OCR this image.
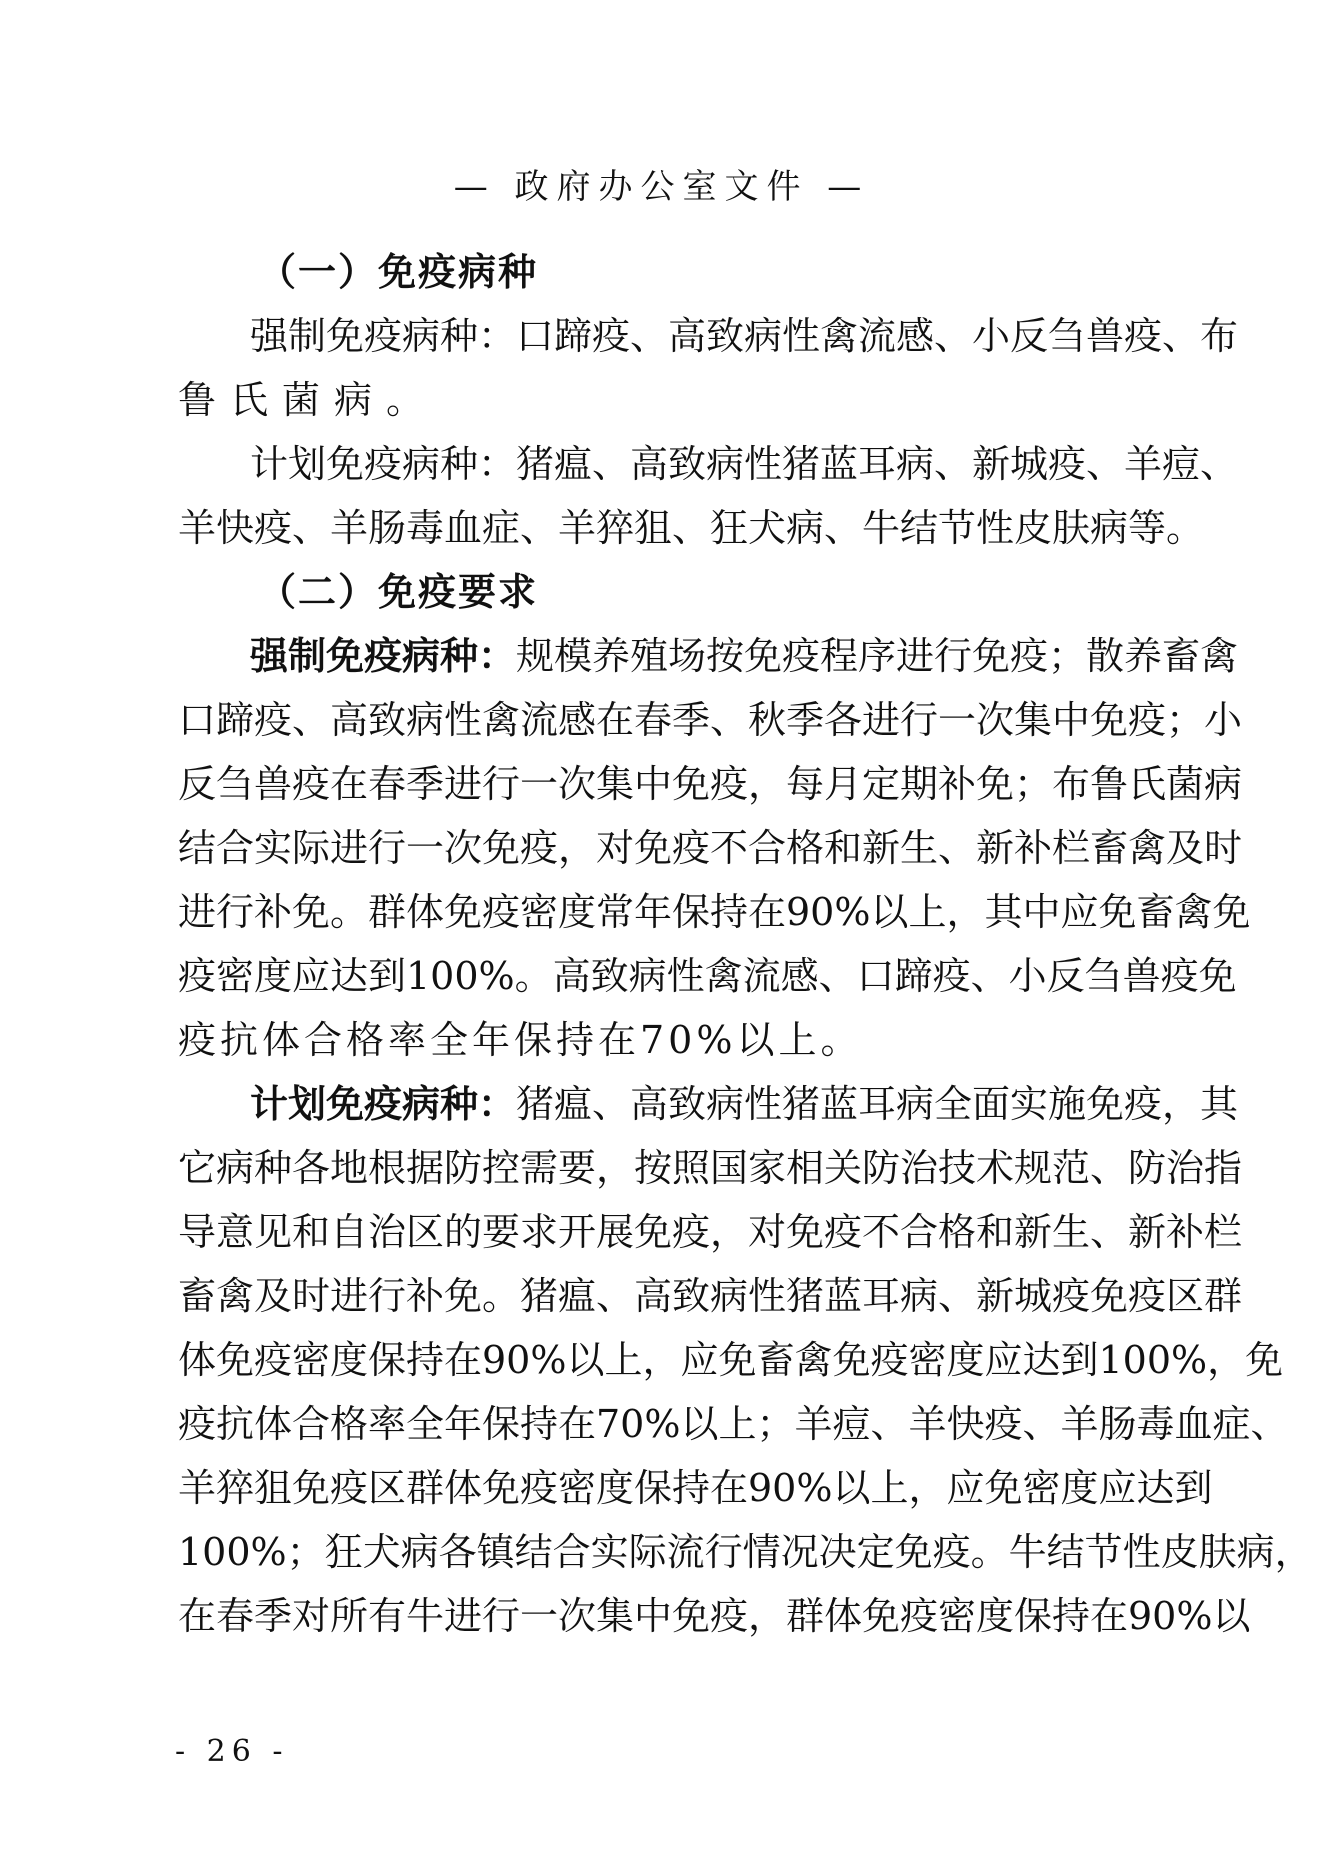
— 政府办公室文件 —
（一）免疫病种
强制免疫病种：口蹄疫、高致病性禽流感、小反刍兽疫、布
鲁氏菌病。
计划免疫病种：猪瘟、高致病性猪蓝耳病、新城疫、羊痘、
羊快疫、羊肠毒血症、羊猝狙、狂犬病、牛结节性皮肤病等。
（二）免疫要求
强制免疫病种：规模养殖场按免疫程序进行免疫；散养畜禽
口蹄疫、高致病性禽流感在春季、秋季各进行一次集中免疫；小
反刍兽疫在春季进行一次集中免疫，每月定期补免；布鲁氏菌病
结合实际进行一次免疫，对免疫不合格和新生、新补栏畜禽及时
进行补免。群体免疫密度常年保持在90%以上，其中应免畜禽免
疫密度应达到100%。高致病性禽流感、口蹄疫、小反刍兽疫免
疫抗体合格率全年保持在70%以上。
计划免疫病种：猪瘟、高致病性猪蓝耳病全面实施免疫，其
它病种各地根据防控需要，按照国家相关防治技术规范、防治指
导意见和自治区的要求开展免疫，对免疫不合格和新生、新补栏
畜禽及时进行补免。猪瘟、高致病性猪蓝耳病、新城疫免疫区群
体免疫密度保持在90%以上，应免畜禽免疫密度应达到100%，免
疫抗体合格率全年保持在70%以上；羊痘、羊快疫、羊肠毒血症、
羊猝狙免疫区群体免疫密度保持在90%以上，应免密度应达到
100%；狂犬病各镇结合实际流行情况决定免疫。牛结节性皮肤病，
在春季对所有牛进行一次集中免疫，群体免疫密度保持在90%以
- 26 -
